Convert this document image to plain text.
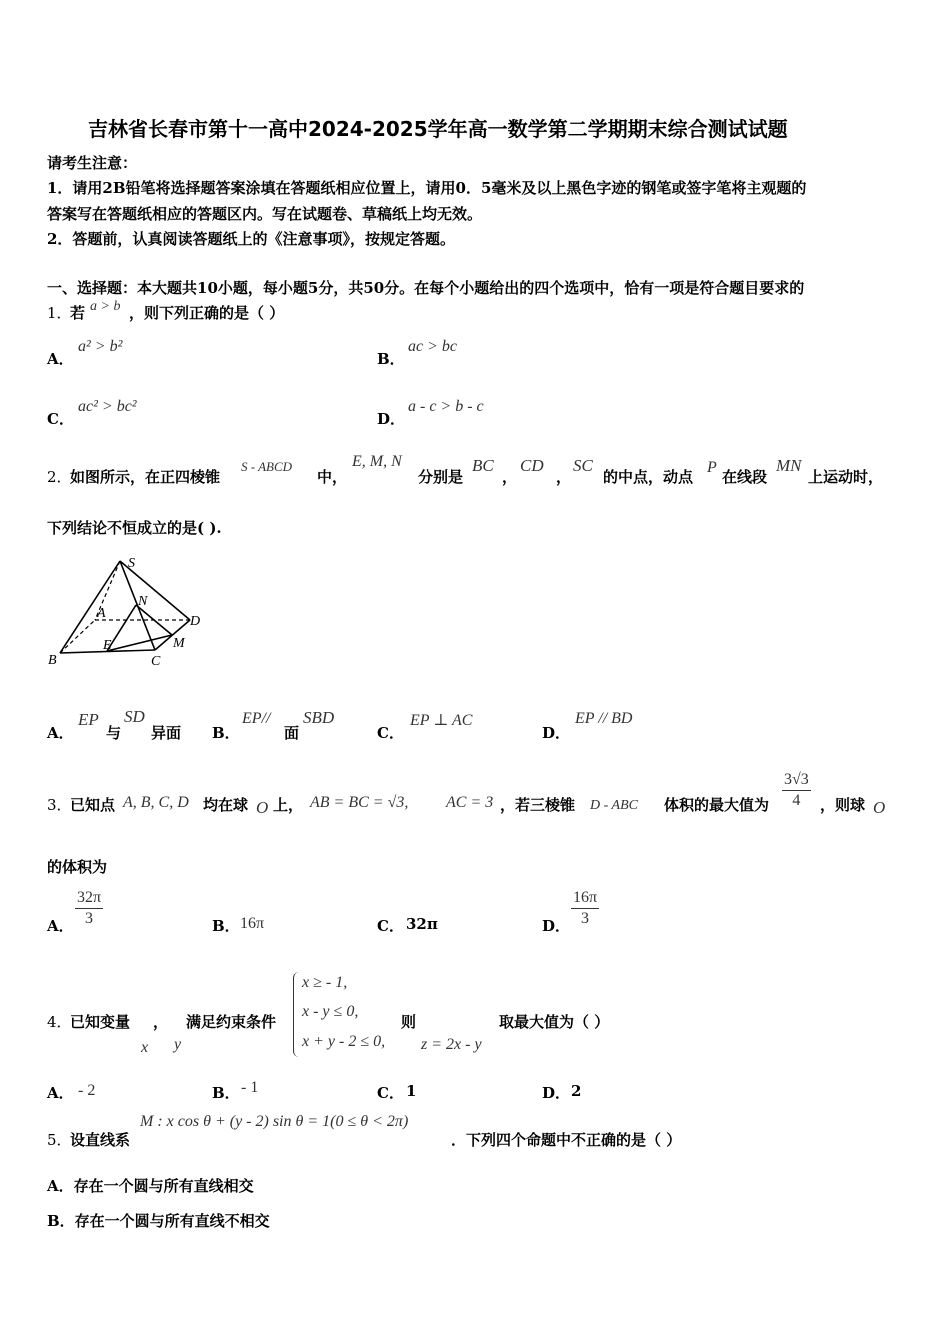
吉林省长春市第十一高中2024-2025学年高一数学第二学期期末综合测试试题
请考生注意：
1．请用2B铅笔将选择题答案涂填在答题纸相应位置上，请用0．5毫米及以上黑色字迹的钢笔或签字笔将主观题的
答案写在答题纸相应的答题区内。写在试题卷、草稿纸上均无效。
2．答题前，认真阅读答题纸上的《注意事项》，按规定答题。
一、选择题：本大题共10小题，每小题5分，共50分。在每个小题给出的四个选项中，恰有一项是符合题目要求的
1．
若 a > b ，则下列正确的是（ ）
A．
a² > b²
B．
ac > bc
C．
ac² > bc²
D．
a - c > b - c
2．
如图所示，在正四棱锥
S - ABCD
中，
E, M, N
分别是
BC
，
CD
，
SC
的中点，动点
P
在线段
MN
上运动时，
下列结论不恒成立的是( ).
S
N
A
D
E	M
B	C
A．
EP
与
SD
异面 B．
EP//
面
SBD
C．
EP ⊥ AC
D．
EP // BD
3．
已知点 A, B, C, D 均在球 O 上， AB = BC = √3, AC = 3 ，若三棱锥 D - ABC 体积的最大值为 $\frac{3√3}{4}$ ，则球 O
的体积为
A． $\frac{32\pi}{3}$	B． 16π	C． 32π	D． $\frac{16\pi}{3}$
4．
已知变量 ， 满足约束条件
x ≥ - 1,
x - y ≤ 0,
x + y - 2 ≤ 0,
则	取最大值为（ ）
x y	z = 2x - y
A． - 2	B． - 1	C． 1	D． 2
5．
设直线系
M : x cos θ + (y - 2) sin θ = 1(0 ≤ θ < 2π)
．下列四个命题中不正确的是（ ）
A．存在一个圆与所有直线相交
B．存在一个圆与所有直线不相交
